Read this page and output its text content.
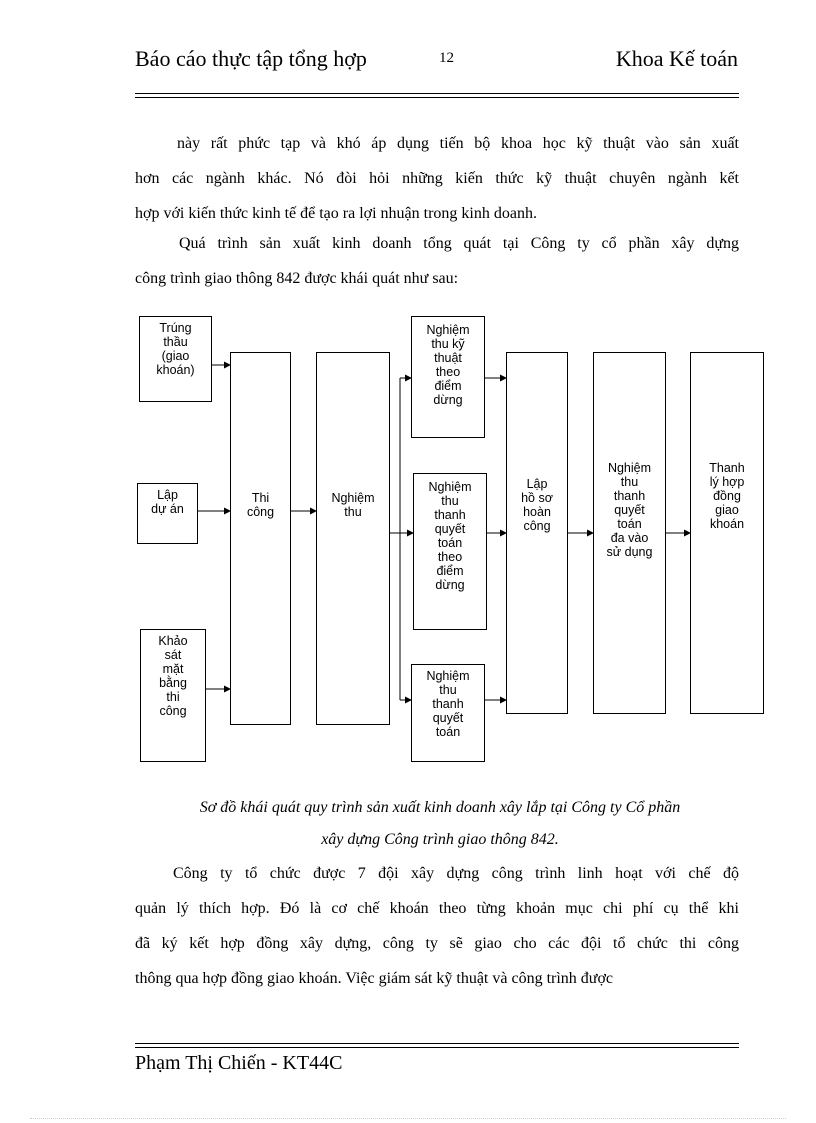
Báo cáo thực tập tổng hợp	12	Khoa Kế toán
này rất phức tạp và khó áp dụng tiến bộ khoa học kỹ thuật vào sản xuất
hơn các ngành khác. Nó đòi hỏi những kiến thức kỹ thuật chuyên ngành kết
hợp với kiến thức kinh tế để tạo ra lợi nhuận trong kinh doanh.
Quá trình sản xuất kinh doanh tổng quát tại Công ty cổ phần xây dựng
công trình giao thông 842 được khái quát như sau:
Trúng
thầu
(giao
khoán)
Lập
dự án
Khảo
sát
mặt
bằng
thi
công
Thi
công
Nghiệm
thu
Nghiệm
thu kỹ
thuật
theo
điểm
dừng
Nghiệm
thu
thanh
quyết
toán
theo
điểm
dừng
Nghiệm
thu
thanh
quyết
toán
Lập
hồ sơ
hoàn
công
Nghiệm
thu
thanh
quyết
toán
đa vào
sử dụng
Thanh
lý hợp
đồng
giao
khoán
Sơ đồ khái quát quy trình sản xuất kinh doanh xây lắp tại Công ty Cổ phần
xây dựng Công trình giao thông 842.
Công ty tổ chức được 7 đội xây dựng công trình linh hoạt với chế độ
quản lý thích hợp. Đó là cơ chế khoán theo từng khoản mục chi phí cụ thể khi
đã ký kết hợp đồng xây dựng, công ty sẽ giao cho các đội tổ chức thi công
thông qua hợp đồng giao khoán. Việc giám sát kỹ thuật và công trình được
Phạm Thị Chiến - KT44C
